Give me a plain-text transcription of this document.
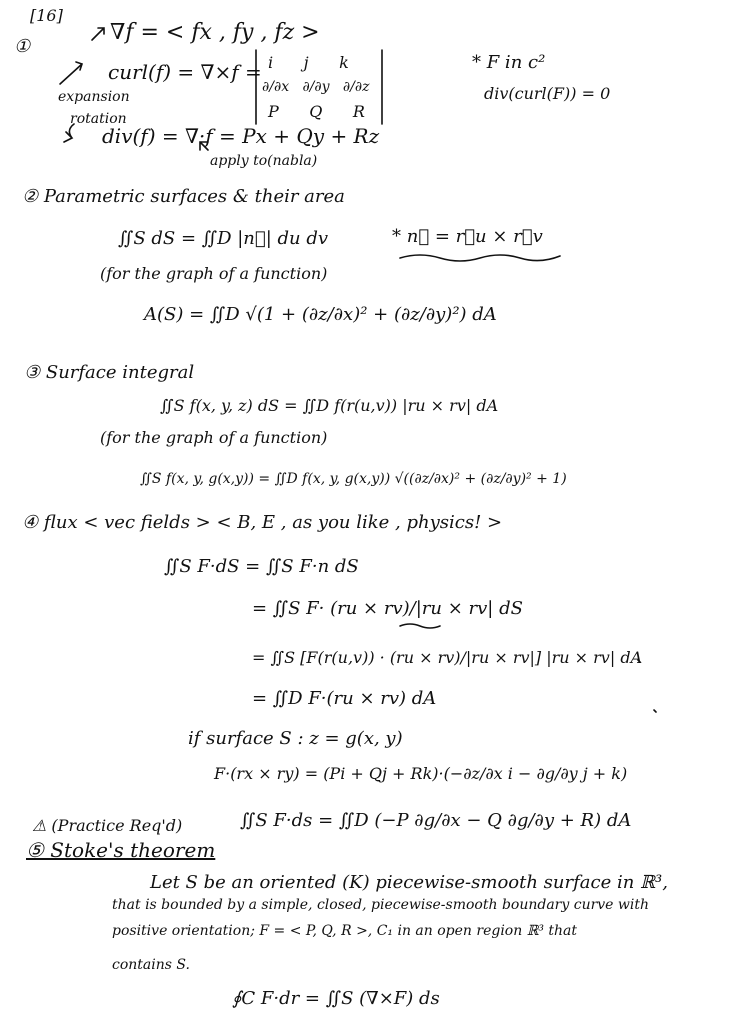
[16]
①
∇f = < fx , fy , fz >
curl(f) = ∇×f = i      j      k
∂/∂x   ∂/∂y   ∂/∂z
P      Q      R
expansion
rotation
div(f) = ∇·f = Px + Qy + Rz
apply to(nabla)
* F in c²
div(curl(F)) = 0
② Parametric surfaces & their area
∬S dS = ∬D |n⃗| du dv	* n⃗ = r⃗u × r⃗v
(for the graph of a function)
A(S) = ∬D √(1 + (∂z/∂x)² + (∂z/∂y)²) dA
③ Surface integral
∬S f(x, y, z) dS = ∬D f(r(u,v)) |ru × rv| dA
(for the graph of a function)
∬S f(x, y, g(x,y)) = ∬D f(x, y, g(x,y)) √((∂z/∂x)² + (∂z/∂y)² + 1)
④ flux < vec fields > < B, E , as you like , physics! >
∬S F·dS = ∬S F·n dS
= ∬S F· (ru × rv)/|ru × rv| dS
= ∬S [F(r(u,v)) · (ru × rv)/|ru × rv|] |ru × rv| dA
= ∬D F·(ru × rv) dA
if surface S : z = g(x, y)
F·(rx × ry) = (Pi + Qj + Rk)·(−∂z/∂x i − ∂g/∂y j + k)
∬S F·ds = ∬D (−P ∂g/∂x − Q ∂g/∂y + R) dA
⚠ (Practice Req'd)
⑤ Stoke's theorem
Let S be an oriented (K) piecewise-smooth surface in ℝ³,
that is bounded by a simple, closed, piecewise-smooth boundary curve with
positive orientation; F = < P, Q, R >, C₁ in an open region ℝ³ that
contains S.
∮C F·dr = ∬S (∇×F) ds
